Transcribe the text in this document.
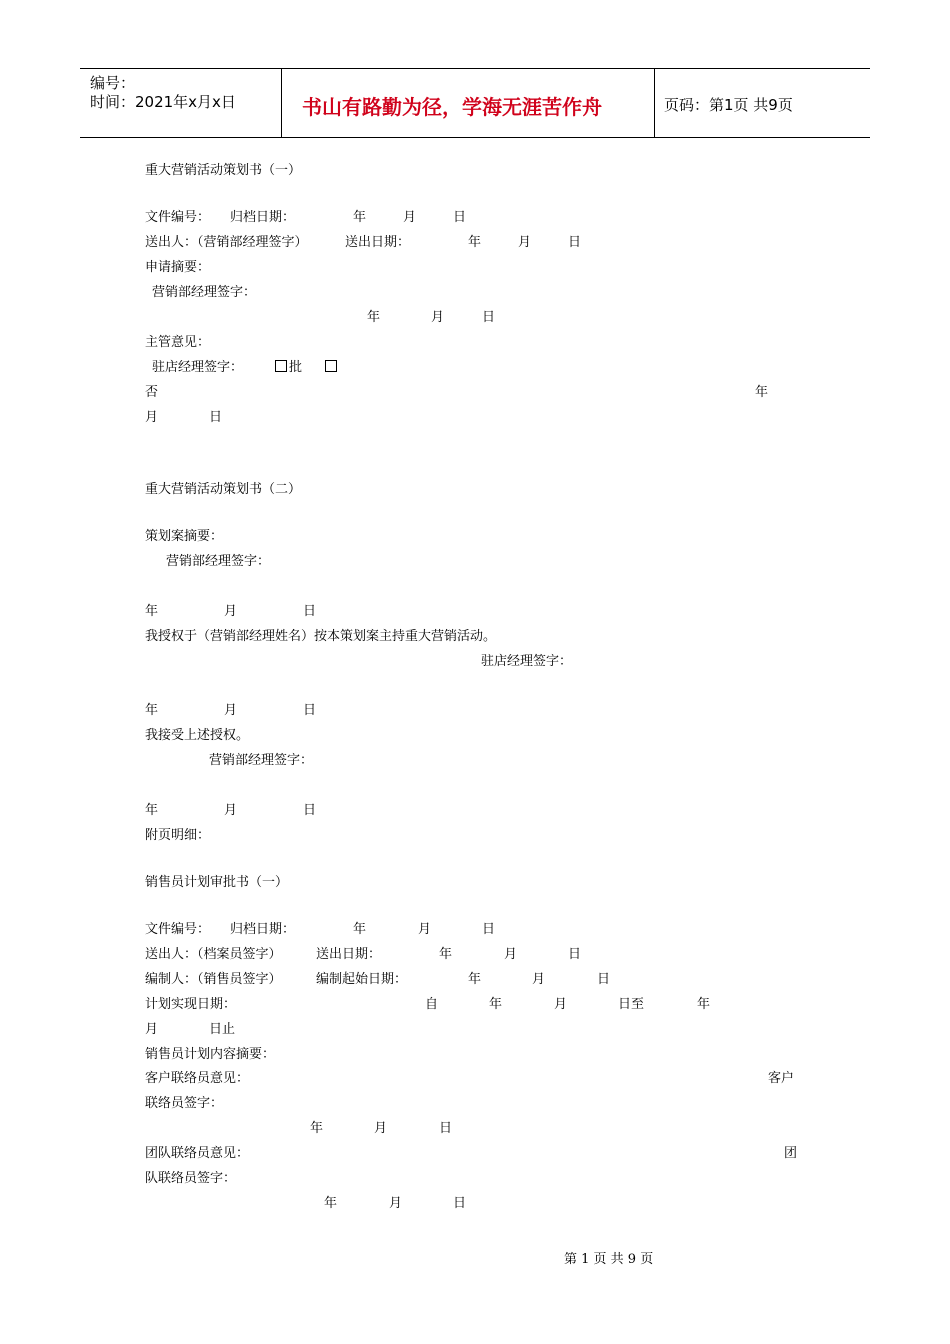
编号：
时间：2021年x月x日	书山有路勤为径，学海无涯苦作舟	页码：第1页 共9页
重大营销活动策划书（一）
文件编号： 归档日期：	年	月	日
送出人：（营销部经理签字）	送出日期：	年	月	日
申请摘要：
营销部经理签字：
年	月	日
主管意见：
驻店经理签字：	批
否	年
月	日
重大营销活动策划书（二）
策划案摘要：
营销部经理签字：
年	月	日
我授权于（营销部经理姓名）按本策划案主持重大营销活动。
驻店经理签字：
年	月	日
我接受上述授权。
营销部经理签字：
年	月	日
附页明细：
销售员计划审批书（一）
文件编号： 归档日期：	年	月	日
送出人：（档案员签字）	送出日期：	年	月	日
编制人：（销售员签字）	编制起始日期：	年	月	日
计划实现日期：	自	年	月	日至	年
月	日止
销售员计划内容摘要：
客户联络员意见：	客户
联络员签字：
年	月	日
团队联络员意见：	团
队联络员签字：
年	月	日
第 1 页 共 9 页
